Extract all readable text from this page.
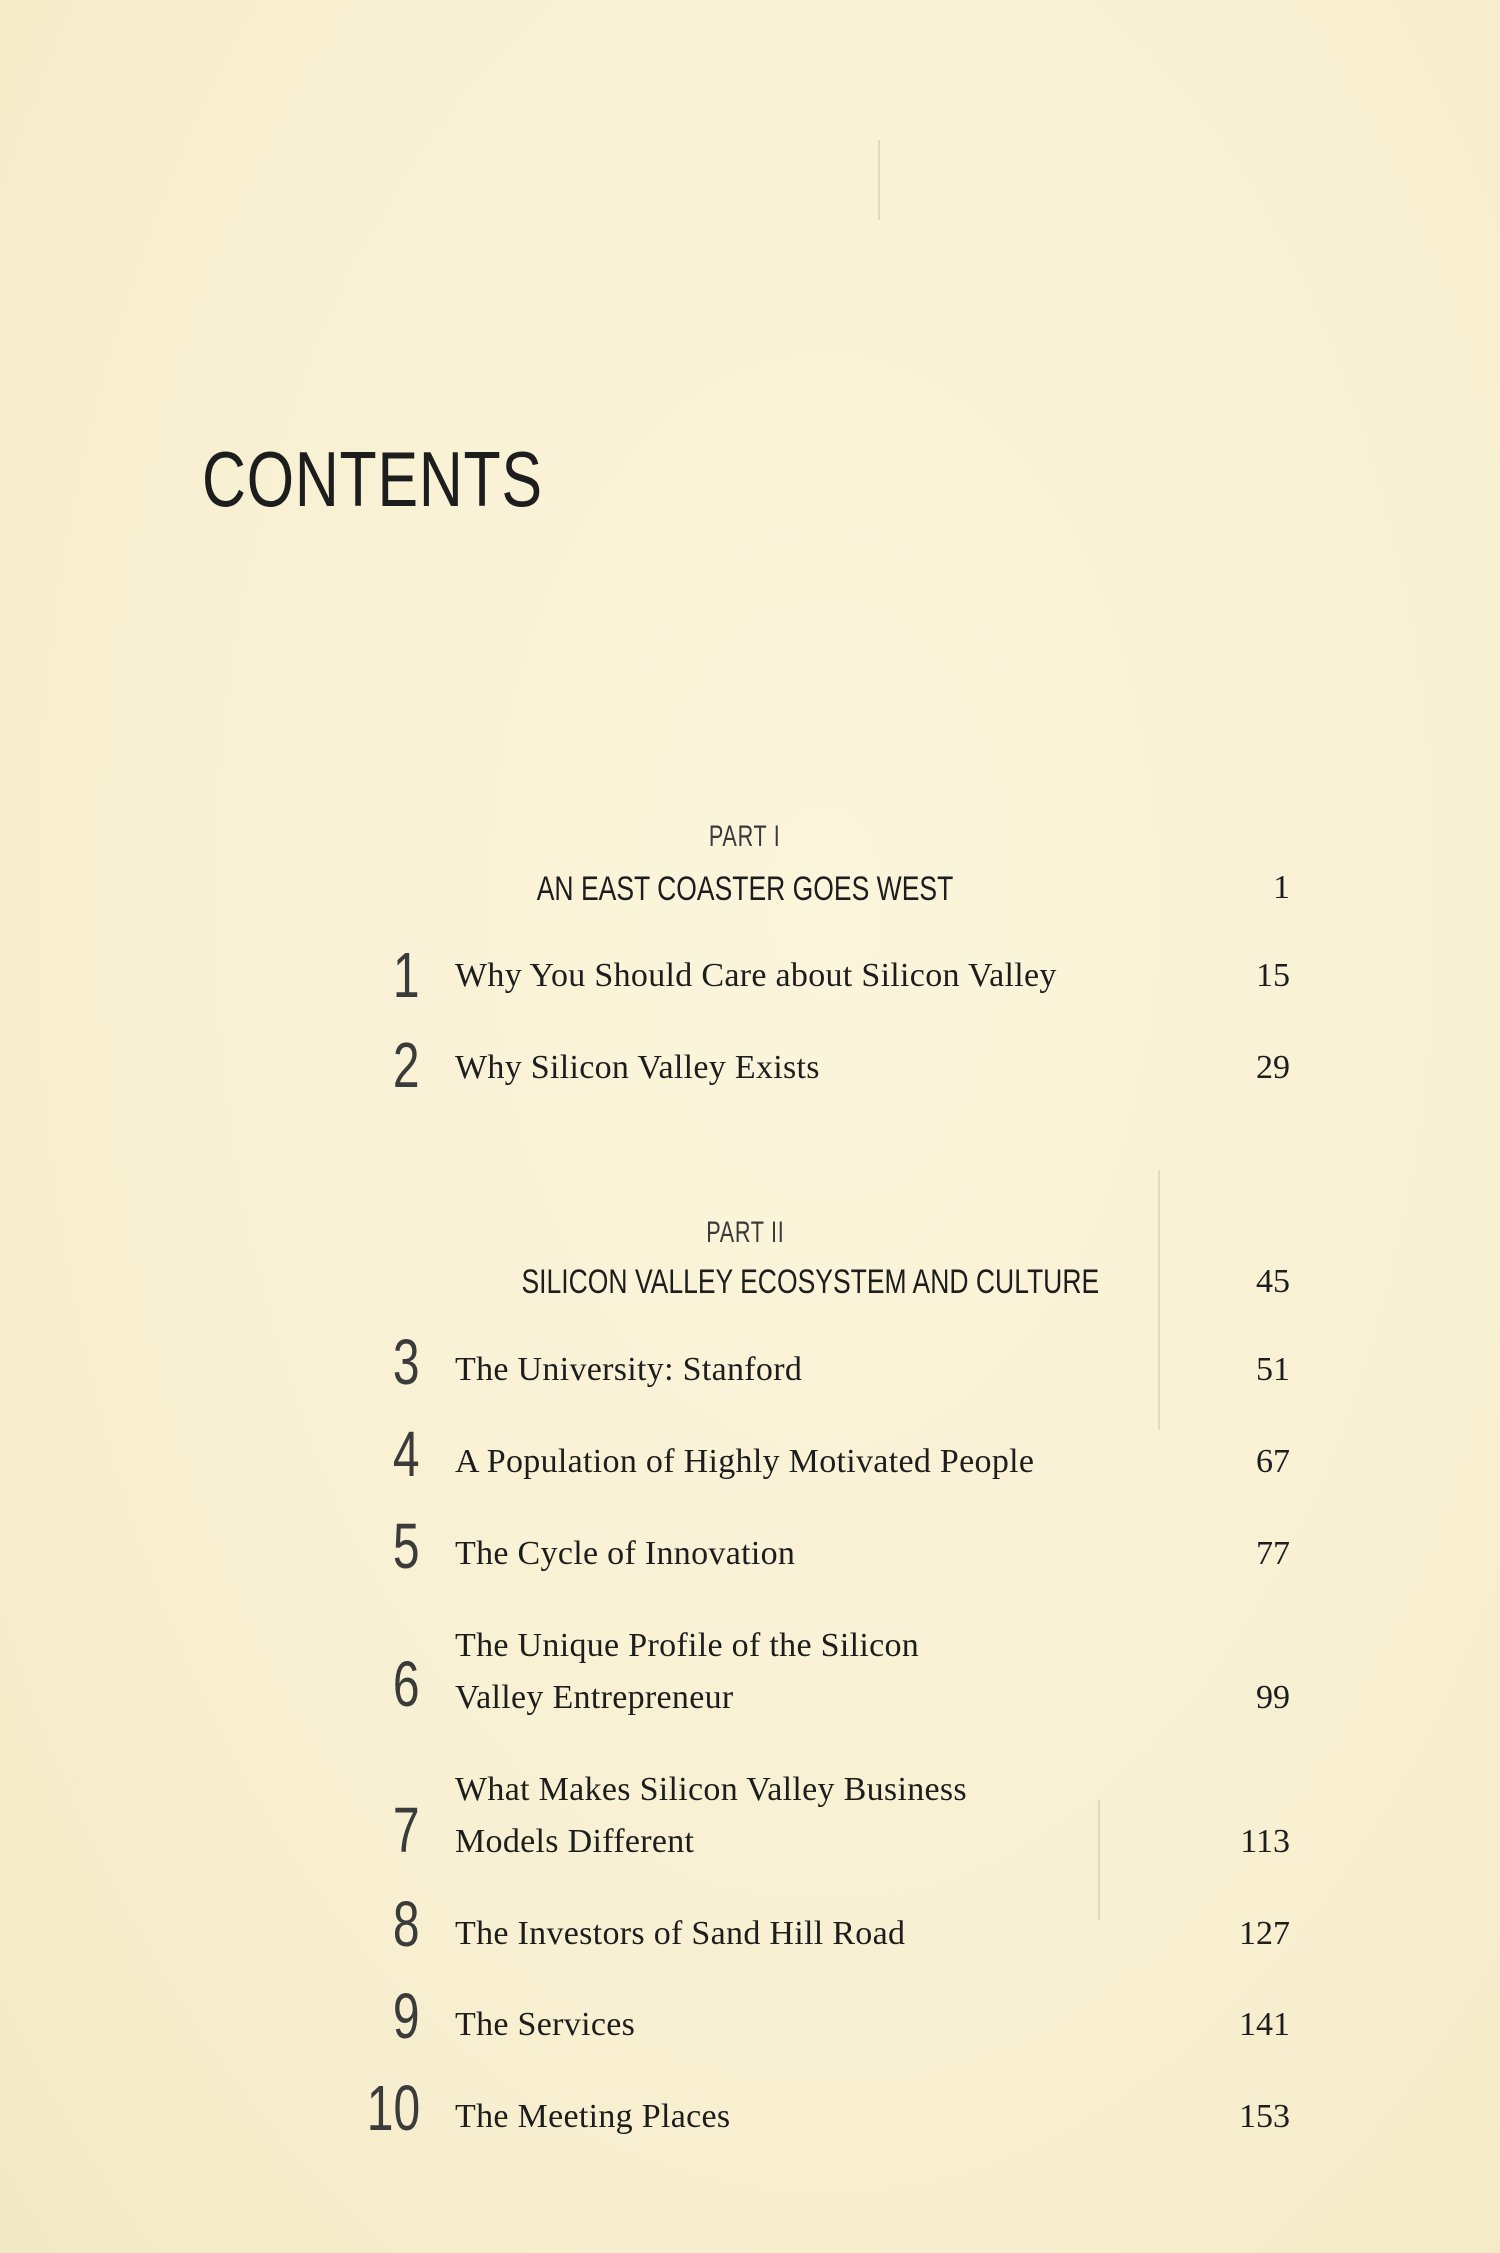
CONTENTS
PART I
AN EAST COASTER GOES WEST	1
1 Why You Should Care about Silicon Valley	15
2 Why Silicon Valley Exists	29
PART II
SILICON VALLEY ECOSYSTEM AND CULTURE	45
3 The University: Stanford	51
4 A Population of Highly Motivated People	67
5 The Cycle of Innovation	77
6
The Unique Profile of the Silicon
Valley Entrepreneur	99
7
What Makes Silicon Valley Business
Models Different	113
8 The Investors of Sand Hill Road	127
9 The Services	141
10 The Meeting Places	153
